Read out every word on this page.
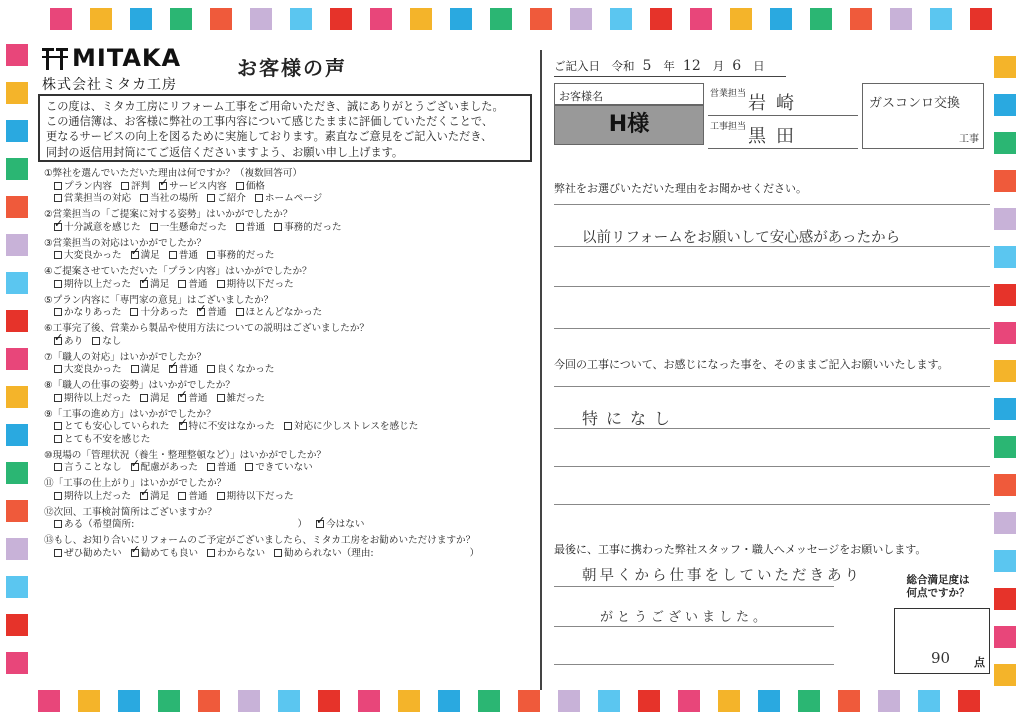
MITAKA
株式会社ミタカ工房
お客様の声
この度は、ミタカ工房にリフォーム工事をご用命いただき、誠にありがとうございました。
この通信簿は、お客様に弊社の工事内容について感じたままに評価していただくことで、
更なるサービスの向上を図るために実施しております。素直なご意見をご記入いただき、
同封の返信用封筒にてご返信くださいますよう、お願い申し上げます。
①弊社を選んでいただいた理由は何ですか？（複数回答可）
プラン内容 評判 ✓ サービス内容 価格
営業担当の対応 当社の場所 ご紹介 ホームページ
②営業担当の「ご提案に対する姿勢」はいかがでしたか？
✓十分誠意を感じた 一生懸命だった 普通 事務的だった
③営業担当の対応はいかがでしたか？
大変良かった ✓ 満足 普通 事務的だった
④ご提案させていただいた「プラン内容」はいかがでしたか？
期待以上だった ✓ 満足 普通 期待以下だった
⑤プラン内容に「専門家の意見」はございましたか？
かなりあった 十分あった ✓ 普通 ほとんどなかった
⑥工事完了後、営業から製品や使用方法についての説明はございましたか？
✓あり なし
⑦「職人の対応」はいかがでしたか？
大変良かった 満足 ✓ 普通 良くなかった
⑧「職人の仕事の姿勢」はいかがでしたか？
期待以上だった 満足 ✓ 普通 雑だった
⑨「工事の進め方」はいかがでしたか？
とても安心していられた ✓ 特に不安はなかった 対応に少しストレスを感じた
とても不安を感じた
⑩現場の「管理状況（養生・整理整頓など）」はいかがでしたか？
言うことなし ✓ 配慮があった 普通 できていない
⑪「工事の仕上がり」はいかがでしたか？
期待以上だった ✓ 満足 普通 期待以下だった
⑫次回、工事検討箇所はございますか？
ある（希望箇所:　　　　　　　　　　　　　　　　　） ✓ 今はない
⑬もし、お知り合いにリフォームのご予定がございましたら、ミタカ工房をお勧めいただけますか？
ぜひ勧めたい ✓ 勧めても良い わからない 勧められない（理由:　　　　　　　　　　）
ご記入日　令和 5 年 12 月 6 日
お客様名
H様
営業担当 岩崎
工事担当 黒田
ガスコンロ交換
工事
弊社をお選びいただいた理由をお聞かせください。
以前リフォームをお願いして安心感があったから
今回の工事について、お感じになった事を、そのままご記入お願いいたします。
特になし
最後に、工事に携わった弊社スタッフ・職人へメッセージをお願いします。
朝早くから仕事をしていただきあり
がとうございました。
総合満足度は
何点ですか？
90 点
